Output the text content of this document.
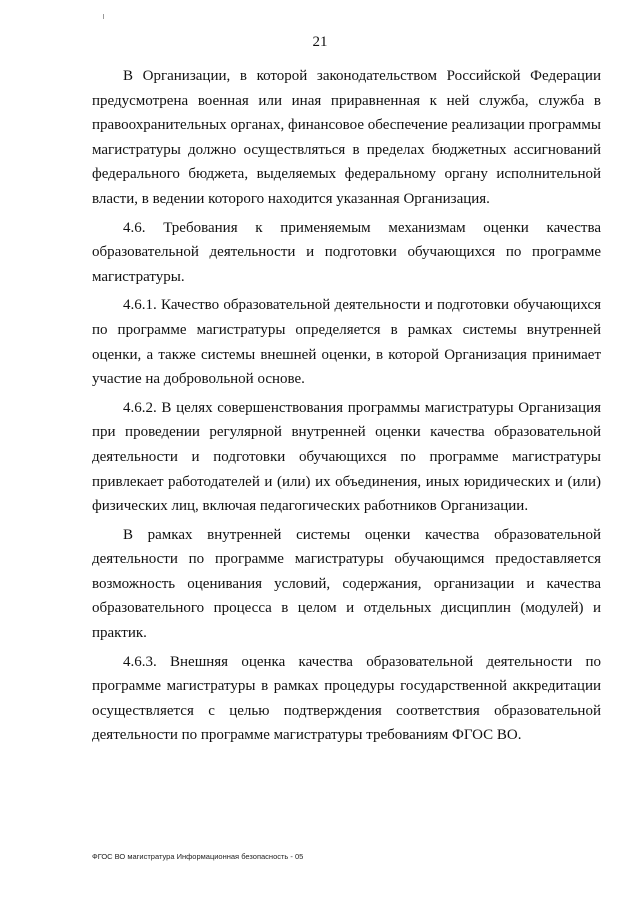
21

В Организации, в которой законодательством Российской Федерации предусмотрена военная или иная приравненная к ней служба, служба в правоохранительных органах, финансовое обеспечение реализации программы магистратуры должно осуществляться в пределах бюджетных ассигнований федерального бюджета, выделяемых федеральному органу исполнительной власти, в ведении которого находится указанная Организация.

4.6. Требования к применяемым механизмам оценки качества образовательной деятельности и подготовки обучающихся по программе магистратуры.

4.6.1. Качество образовательной деятельности и подготовки обучающихся по программе магистратуры определяется в рамках системы внутренней оценки, а также системы внешней оценки, в которой Организация принимает участие на добровольной основе.

4.6.2. В целях совершенствования программы магистратуры Организация при проведении регулярной внутренней оценки качества образовательной деятельности и подготовки обучающихся по программе магистратуры привлекает работодателей и (или) их объединения, иных юридических и (или) физических лиц, включая педагогических работников Организации.

В рамках внутренней системы оценки качества образовательной деятельности по программе магистратуры обучающимся предоставляется возможность оценивания условий, содержания, организации и качества образовательного процесса в целом и отдельных дисциплин (модулей) и практик.

4.6.3. Внешняя оценка качества образовательной деятельности по программе магистратуры в рамках процедуры государственной аккредитации осуществляется с целью подтверждения соответствия образовательной деятельности по программе магистратуры требованиям ФГОС ВО.

ФГОС ВО магистратура Информационная безопасность - 05
